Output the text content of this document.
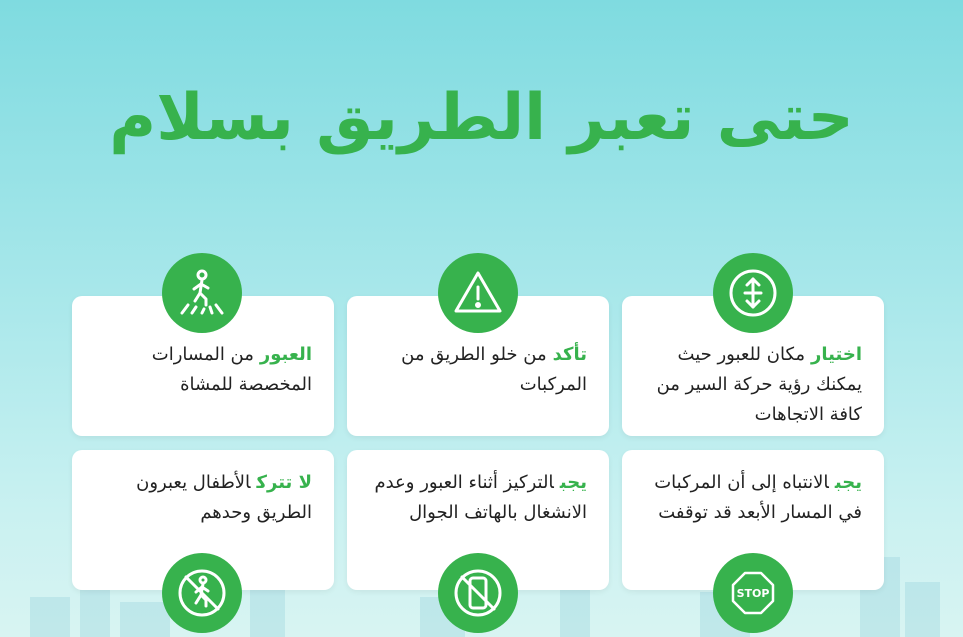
حتى تعبر الطريق بسلام
اختيارمكان للعبور حيث يمكنك رؤية حركة السير من كافة الاتجاهات
تأكدمن خلو الطريق من المركبات
العبورمن المسارات المخصصة للمشاة
يجبالانتباه إلى أن المركبات في المسار الأبعد قد توقفت
يجبالتركيز أثناء العبور وعدم الانشغال بالهاتف الجوال
لا تتركالأطفال يعبرون الطريق وحدهم
STOP
